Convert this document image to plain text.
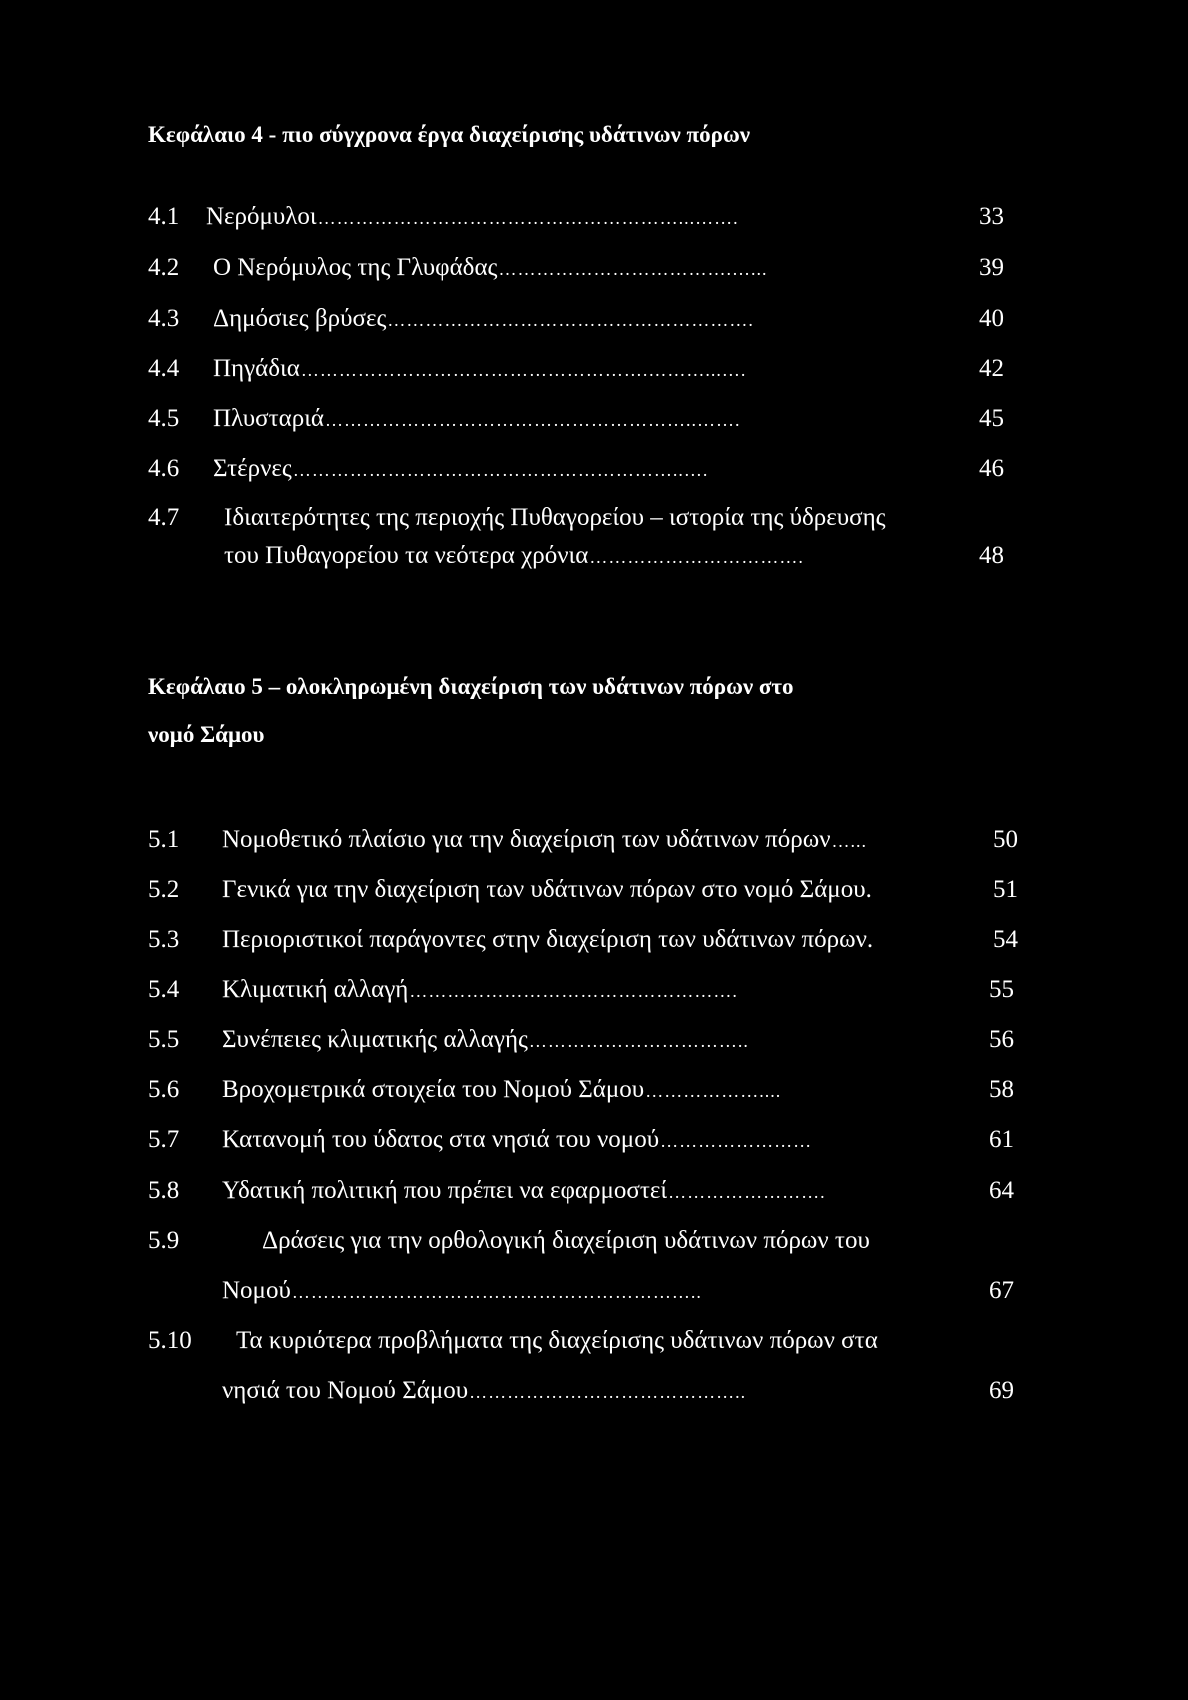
Κεφάλαιο 4 - πιο σύγχρονα έργα διαχείρισης υδάτινων πόρων
4.1 Νερόμυλοι …………………………………………………...…….	33
4.2 Ο Νερόμυλος της Γλυφάδας ……………………………….…...	39
4.3 Δημόσιες βρύσες ………………………………………………….	40
4.4 Πηγάδια ……………………………………………….………...….	42
4.5 Πλυσταριά …………………………………………………..…….	45
4.6 Στέρνες ……………………………………………………..….	46
4.7 Ιδιαιτερότητες της περιοχής Πυθαγορείου – ιστορία της ύδρευσης
του Πυθαγορείου τα νεότερα χρόνια …………………………….	48
Κεφάλαιο 5 – ολοκληρωμένη διαχείριση των υδάτινων πόρων στο
νομό Σάμου
5.1 Νομοθετικό πλαίσιο για την διαχείριση των υδάτινων πόρων …...	50
5.2 Γενικά για την διαχείριση των υδάτινων πόρων στο νομό Σάμου.	51
5.3 Περιοριστικοί παράγοντες στην διαχείριση των υδάτινων πόρων.	54
5.4 Κλιματική αλλαγή …………………………………………….	55
5.5 Συνέπειες κλιματικής αλλαγής ……………………………..	56
5.6 Βροχομετρικά στοιχεία του Νομού Σάμου ………………....	58
5.7 Κατανομή του ύδατος στα νησιά του νομού ……………………	61
5.8 Υδατική πολιτική που πρέπει να εφαρμοστεί …………………….	64
5.9	Δράσεις για την ορθολογική διαχείριση υδάτινων πόρων του
Νομού ………………………………………………………..	67
5.10 Τα κυριότερα προβλήματα της διαχείρισης υδάτινων πόρων στα
νησιά του Νομού Σάμου ……………………………………..	69
